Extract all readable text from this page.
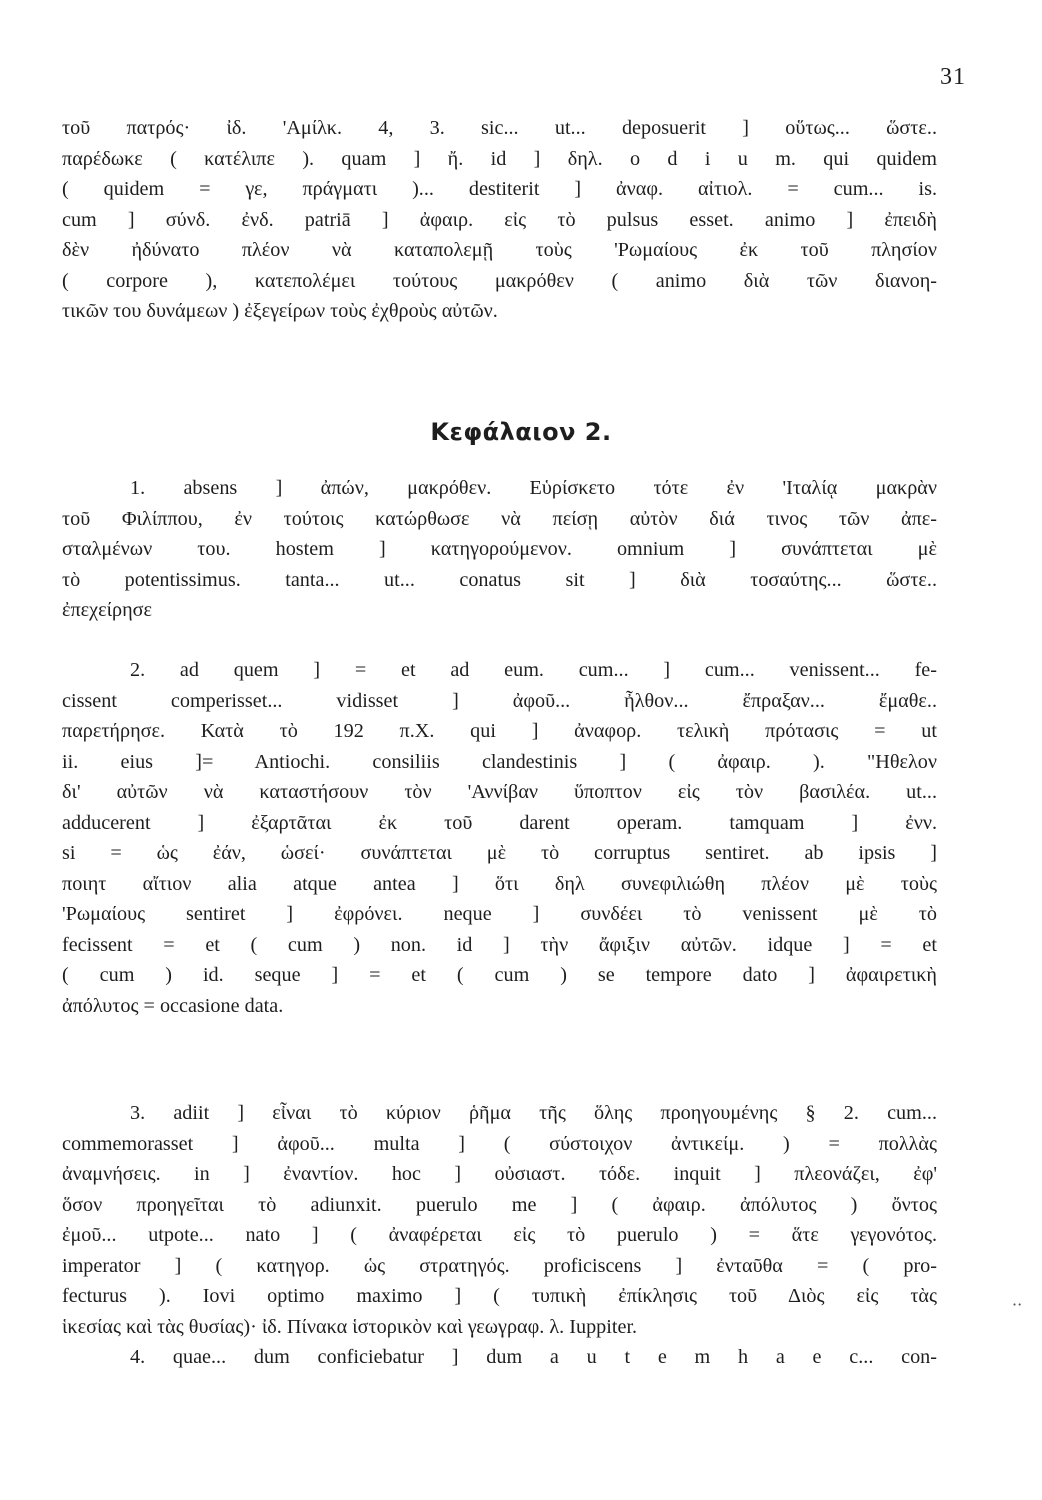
31
τοῦ πατρός· ἰδ. 'Αμίλκ. 4, 3. sic... ut... deposuerit ] οὕτως... ὥστε..
παρέδωκε ( κατέλιπε ). quam ] ἤ. id ] δηλ. o d i u m. qui quidem
( quidem = γε, πράγματι )... destiterit ] ἀναφ. αἰτιολ. = cum... is.
cum ] σύνδ. ἐνδ. patriā ] ἀφαιρ. εἰς τὸ pulsus esset. animo ] ἐπειδὴ
δὲν ἠδύνατο πλέον νὰ καταπολεμῇ τοὺς 'Ρωμαίους ἐκ τοῦ πλησίον
( corpore ), κατεπολέμει τούτους μακρόθεν ( animo διὰ τῶν διανοη-
τικῶν του δυνάμεων ) ἐξεγείρων τοὺς ἐχθροὺς αὐτῶν.
Κεφάλαιον 2.
1. absens ] ἀπών, μακρόθεν. Εὑρίσκετο τότε ἐν 'Ιταλίᾳ μακρὰν
τοῦ Φιλίππου, ἐν τούτοις κατώρθωσε νὰ πείσῃ αὐτὸν διά τινος τῶν ἀπε-
σταλμένων του. hostem ] κατηγορούμενον. omnium ] συνάπτεται μὲ
τὸ potentissimus. tanta... ut... conatus sit ] διὰ τοσαύτης... ὥστε..
ἐπεχείρησε
2. ad quem ] = et ad eum. cum... ] cum... venissent... fe-
cissent comperisset... vidisset ] ἀφοῦ... ἦλθον... ἔπραξαν... ἔμαθε..
παρετήρησε. Κατὰ τὸ 192 π.Χ. qui ] ἀναφορ. τελικὴ πρότασις = ut
ii. eius ]= Antiochi. consiliis clandestinis ] ( ἀφαιρ. ). "Ηθελον
δι' αὐτῶν νὰ καταστήσουν τὸν 'Αννίβαν ὕποπτον εἰς τὸν βασιλέα. ut...
adducerent ] ἐξαρτᾶται ἐκ τοῦ darent operam. tamquam ] ἐνν.
si = ὡς ἐάν, ὡσεί· συνάπτεται μὲ τὸ corruptus sentiret. ab ipsis ]
ποιητ αἴτιον alia atque antea ] ὅτι δηλ συνεφιλιώθη πλέον μὲ τοὺς
'Ρωμαίους sentiret ] ἐφρόνει. neque ] συνδέει τὸ venissent μὲ τὸ
fecissent = et ( cum ) non. id ] τὴν ἄφιξιν αὐτῶν. idque ] = et
( cum ) id. seque ] = et ( cum ) se tempore dato ] ἀφαιρετικὴ
ἀπόλυτος = occasione data.
3. adiit ] εἶναι τὸ κύριον ῥῆμα τῆς ὅλης προηγουμένης § 2. cum...
commemorasset ] ἀφοῦ... multa ] ( σύστοιχον ἀντικείμ. ) = πολλὰς
ἀναμνήσεις. in ] ἐναντίον. hoc ] οὐσιαστ. τόδε. inquit ] πλεονάζει, ἐφ'
ὅσον προηγεῖται τὸ adiunxit. puerulo me ] ( ἀφαιρ. ἀπόλυτος ) ὄντος
ἐμοῦ... utpote... nato ] ( ἀναφέρεται εἰς τὸ puerulo ) = ἅτε γεγονότος.
imperator ] ( κατηγορ. ὡς στρατηγός. proficiscens ] ἐνταῦθα = ( pro-
fecturus ). Iovi optimo maximo ] ( τυπικὴ ἐπίκλησις τοῦ Διὸς εἰς τὰς
ἱκεσίας καὶ τὰς θυσίας)· ἰδ. Πίνακα ἱστορικὸν καὶ γεωγραφ. λ. Iuppiter.
4. quae... dum conficiebatur ] dum a u t e m h a e c... con-
··
